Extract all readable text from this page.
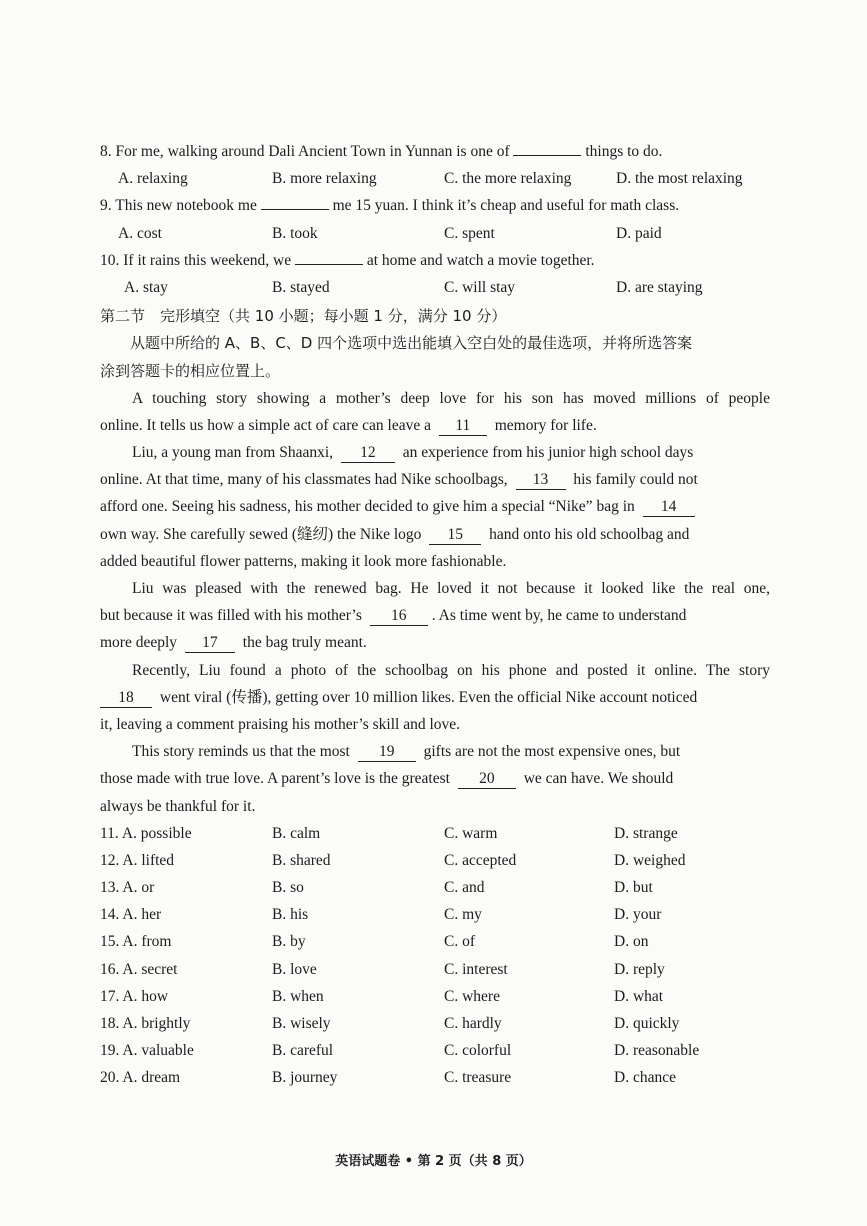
8. For me, walking around Dali Ancient Town in Yunnan is one of	things to do.
A. relaxing	B. more relaxing	C. the more relaxing	D. the most relaxing
9. This new notebook me	me 15 yuan. I think it’s cheap and useful for math class.
A. cost	B. took	C. spent	D. paid
10. If it rains this weekend, we	at home and watch a movie together.
A. stay	B. stayed	C. will stay	D. are staying
第二节　完形填空（共 10 小题；每小题 1 分，满分 10 分）
从题中所给的 A、B、C、D 四个选项中选出能填入空白处的最佳选项，并将所选答案
涂到答题卡的相应位置上。
A touching story showing a mother’s deep love for his son has moved millions of people
online. It tells us how a simple act of care can leave a 11 memory for life.
Liu, a young man from Shaanxi, 12 an experience from his junior high school days
online. At that time, many of his classmates had Nike schoolbags, 13 his family could not
afford one. Seeing his sadness, his mother decided to give him a special “Nike” bag in 14
own way. She carefully sewed (缝纫) the Nike logo 15 hand onto his old schoolbag and
added beautiful flower patterns, making it look more fashionable.
Liu was pleased with the renewed bag. He loved it not because it looked like the real one,
but because it was filled with his mother’s 16 . As time went by, he came to understand
more deeply 17 the bag truly meant.
Recently, Liu found a photo of the schoolbag on his phone and posted it online. The story
18 went viral (传播), getting over 10 million likes. Even the official Nike account noticed
it, leaving a comment praising his mother’s skill and love.
This story reminds us that the most 19 gifts are not the most expensive ones, but
those made with true love. A parent’s love is the greatest 20 we can have. We should
always be thankful for it.
11. A. possible	B. calm	C. warm	D. strange
12. A. lifted	B. shared	C. accepted	D. weighed
13. A. or	B. so	C. and	D. but
14. A. her	B. his	C. my	D. your
15. A. from	B. by	C. of	D. on
16. A. secret	B. love	C. interest	D. reply
17. A. how	B. when	C. where	D. what
18. A. brightly	B. wisely	C. hardly	D. quickly
19. A. valuable	B. careful	C. colorful	D. reasonable
20. A. dream	B. journey	C. treasure	D. chance
英语试题卷 • 第 2 页（共 8 页）
